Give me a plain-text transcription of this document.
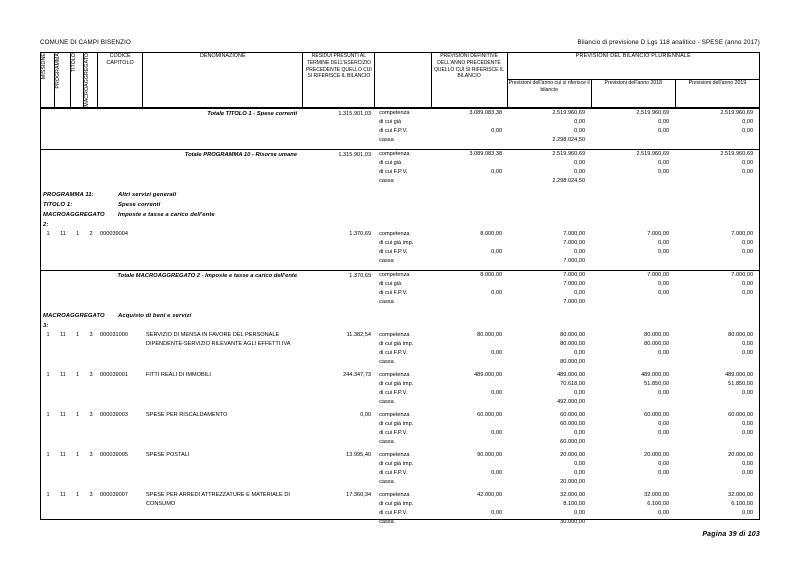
COMUNE DI CAMPI BISENZIO	Bilancio di previsione D Lgs 118 analitico - SPESE (anno 2017)
MISSIONE	PROGRAMMA	TITOLO	MACROAGGREGATO	CODICE
CAPITOLO	DENOMINAZIONE	RESIDUI PRESUNTI AL TERMINE DELL'ESERCIZIO PRECEDENTE QUELLO CUI SI RIFERISCE IL BILANCIO		PREVISIONI DEFINITIVE DELL'ANNO PRECEDENTE QUELLO CUI SI RIFERISCE IL BILANCIO	PREVISIONI DEL BILANCIO PLURIENNALE		
									Previsioni dell'anno cui si riferisce il bilancio	Previsioni dell'anno 2018	Previsioni dell'anno 2019
Totale TITOLO 1 - Spese correnti						1.315.901,03	competenza	3.089.083,38	2.519.960,69	2.519.960,69	2.519.960,69
							di cui già		0,00	0,00	0,00
							di cui F.P.V.	0,00	0,00	0,00	0,00
							cassa		2.298.024,50		

Totale PROGRAMMA 10 - Risorse umane						1.315.901,03	competenza	3.089.083,38	2.519.960,69	2.519.960,69	2.519.960,69
							di cui già		0,00	0,00	0,00
							di cui F.P.V.	0,00	0,00	0,00	0,00
							cassa		2.298.024,50		

PROGRAMMA 11:				Altri servizi generali							
TITOLO 1:				Spese correnti							
MACROAGGREGATO 2:				Imposte e tasse a carico dell'ente							
1	11	1	2	000039004		1.370,69	competenza	8.000,00	7.000,00	7.000,00	7.000,00
							di cui già imp.		7.000,00	0,00	0,00
							di cui F.P.V.	0,00	0,00	0,00	0,00
							cassa		7.000,00		

Totale MACROAGGREGATO 2 - Imposte e tasse a carico dell'ente						1.370,69	competenza	8.000,00	7.000,00	7.000,00	7.000,00
							di cui già		7.000,00	0,00	0,00
							di cui F.P.V.	0,00	0,00	0,00	0,00
							cassa		7.000,00		

MACROAGGREGATO 3:				Acquisto di beni e servizi							
1	11	1	3	000031000	SERVIZIO DI MENSA IN FAVORE DEL PERSONALE
DIPENDENTE-SERVIZIO RILEVANTE AGLI EFFETTI IVA	11.382,54	competenza	80.000,00	80.000,00	80.000,00	80.000,00
							di cui già imp.		80.000,00	80.000,00	0,00
							di cui F.P.V.	0,00	0,00	0,00	0,00
							cassa		80.000,00		

1	11	1	3	000039001	FITTI REALI DI IMMOBILI	244.347,73	competenza	489.000,00	489.000,00	489.000,00	489.000,00
							di cui già imp.		70.618,00	51.850,00	51.850,00
							di cui F.P.V.	0,00	0,00	0,00	0,00
							cassa		492.000,00		

1	11	1	3	000039003	SPESE PER RISCALDAMENTO	0,00	competenza	60.000,00	60.000,00	60.000,00	60.000,00
							di cui già imp.		60.000,00	0,00	0,00
							di cui F.P.V.	0,00	0,00	0,00	0,00
							cassa		60.000,00		

1	11	1	3	000039005	SPESE POSTALI	13.995,40	competenza	90.000,00	20.000,00	20.000,00	20.000,00
							di cui già imp.		0,00	0,00	0,00
							di cui F.P.V.	0,00	0,00	0,00	0,00
							cassa		20.000,00		

1	11	1	3	000039007	SPESE PER ARREDI ATTREZZATURE E MATERIALE DI
CONSUMO	17.360,34	competenza	42.000,00	32.000,00	32.000,00	32.000,00
							di cui già imp.		8.100,00	6.100,00	6.100,00
							di cui F.P.V.	0,00	0,00	0,00	0,00
							cassa		30.000,00		

Pagina 39 di 103
